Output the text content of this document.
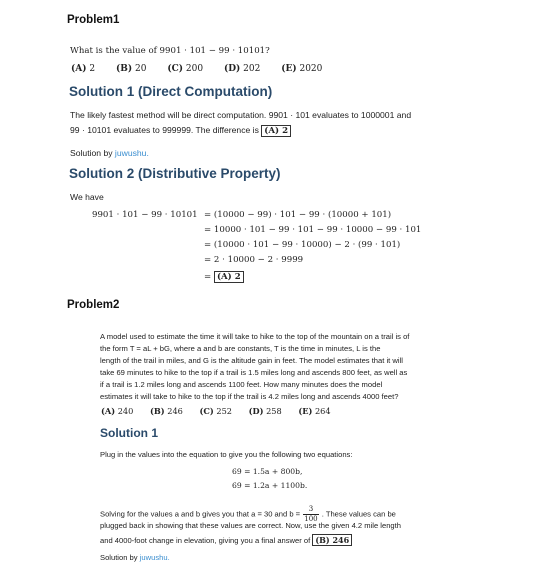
Problem1
What is the value of 9901 · 101 − 99 · 10101?
(A) 2 (B) 20 (C) 200 (D) 202 (E) 2020
Solution 1 (Direct Computation)
The likely fastest method will be direct computation. 9901 · 101 evaluates to 1000001 and
99 · 10101 evaluates to 999999. The difference is (A) 2
Solution by juwushu.
Solution 2 (Distributive Property)
We have
9901 · 101 − 99 · 10101 = (10000 − 99) · 101 − 99 · (10000 + 101)
= 10000 · 101 − 99 · 101 − 99 · 10000 − 99 · 101
= (10000 · 101 − 99 · 10000) − 2 · (99 · 101)
= 2 · 10000 − 2 · 9999
= (A) 2
Problem2
A model used to estimate the time it will take to hike to the top of the mountain on a trail is of
the form T = aL + bG, where a and b are constants, T is the time in minutes, L is the
length of the trail in miles, and G is the altitude gain in feet. The model estimates that it will
take 69 minutes to hike to the top if a trail is 1.5 miles long and ascends 800 feet, as well as
if a trail is 1.2 miles long and ascends 1100 feet. How many minutes does the model
estimates it will take to hike to the top if the trail is 4.2 miles long and ascends 4000 feet?
(A) 240 (B) 246 (C) 252 (D) 258 (E) 264
Solution 1
Plug in the values into the equation to give you the following two equations:
69 = 1.5a + 800b,
69 = 1.2a + 1100b.
Solving for the values a and b gives you that a = 30 and $b = \frac{3}{100}$ . These values can be
plugged back in showing that these values are correct. Now, use the given 4.2 mile length
and 4000-foot change in elevation, giving you a final answer of (B) 246
Solution by juwushu.
